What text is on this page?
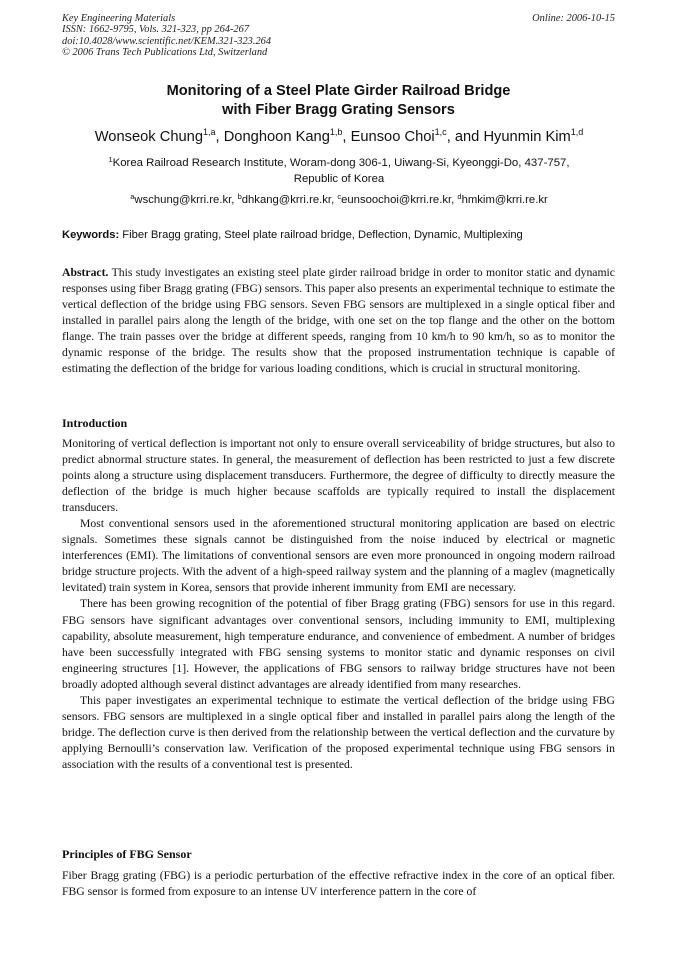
Key Engineering Materials
ISSN: 1662-9795, Vols. 321-323, pp 264-267
doi:10.4028/www.scientific.net/KEM.321-323.264
© 2006 Trans Tech Publications Ltd, Switzerland
Online: 2006-10-15
Monitoring of a Steel Plate Girder Railroad Bridge
with Fiber Bragg Grating Sensors
Wonseok Chung$^{1,a}$, Donghoon Kang$^{1,b}$, Eunsoo Choi$^{1,c}$, and Hyunmin Kim$^{1,d}$
$^1$Korea Railroad Research Institute, Woram-dong 306-1, Uiwang-Si, Kyeonggi-Do, 437-757,
Republic of Korea
$^a$wschung@krri.re.kr, $^b$dhkang@krri.re.kr, $^c$eunsoochoi@krri.re.kr, $^d$hmkim@krri.re.kr
Keywords: Fiber Bragg grating, Steel plate railroad bridge, Deflection, Dynamic, Multiplexing

Abstract. This study investigates an existing steel plate girder railroad bridge in order to monitor static and dynamic responses using fiber Bragg grating (FBG) sensors. This paper also presents an experimental technique to estimate the vertical deflection of the bridge using FBG sensors. Seven FBG sensors are multiplexed in a single optical fiber and installed in parallel pairs along the length of the bridge, with one set on the top flange and the other on the bottom flange. The train passes over the bridge at different speeds, ranging from 10 km/h to 90 km/h, so as to monitor the dynamic response of the bridge. The results show that the proposed instrumentation technique is capable of estimating the deflection of the bridge for various loading conditions, which is crucial in structural monitoring.

Introduction

Monitoring of vertical deflection is important not only to ensure overall serviceability of bridge structures, but also to predict abnormal structure states. In general, the measurement of deflection has been restricted to just a few discrete points along a structure using displacement transducers. Furthermore, the degree of difficulty to directly measure the deflection of the bridge is much higher because scaffolds are typically required to install the displacement transducers.

Most conventional sensors used in the aforementioned structural monitoring application are based on electric signals. Sometimes these signals cannot be distinguished from the noise induced by electrical or magnetic interferences (EMI). The limitations of conventional sensors are even more pronounced in ongoing modern railroad bridge structure projects. With the advent of a high-speed railway system and the planning of a maglev (magnetically levitated) train system in Korea, sensors that provide inherent immunity from EMI are necessary.

There has been growing recognition of the potential of fiber Bragg grating (FBG) sensors for use in this regard. FBG sensors have significant advantages over conventional sensors, including immunity to EMI, multiplexing capability, absolute measurement, high temperature endurance, and convenience of embedment. A number of bridges have been successfully integrated with FBG sensing systems to monitor static and dynamic responses on civil engineering structures [1]. However, the applications of FBG sensors to railway bridge structures have not been broadly adopted although several distinct advantages are already identified from many researches.

This paper investigates an experimental technique to estimate the vertical deflection of the bridge using FBG sensors. FBG sensors are multiplexed in a single optical fiber and installed in parallel pairs along the length of the bridge. The deflection curve is then derived from the relationship between the vertical deflection and the curvature by applying Bernoulli’s conservation law. Verification of the proposed experimental technique using FBG sensors in association with the results of a conventional test is presented.

Principles of FBG Sensor

Fiber Bragg grating (FBG) is a periodic perturbation of the effective refractive index in the core of an optical fiber. FBG sensor is formed from exposure to an intense UV interference pattern in the core of
